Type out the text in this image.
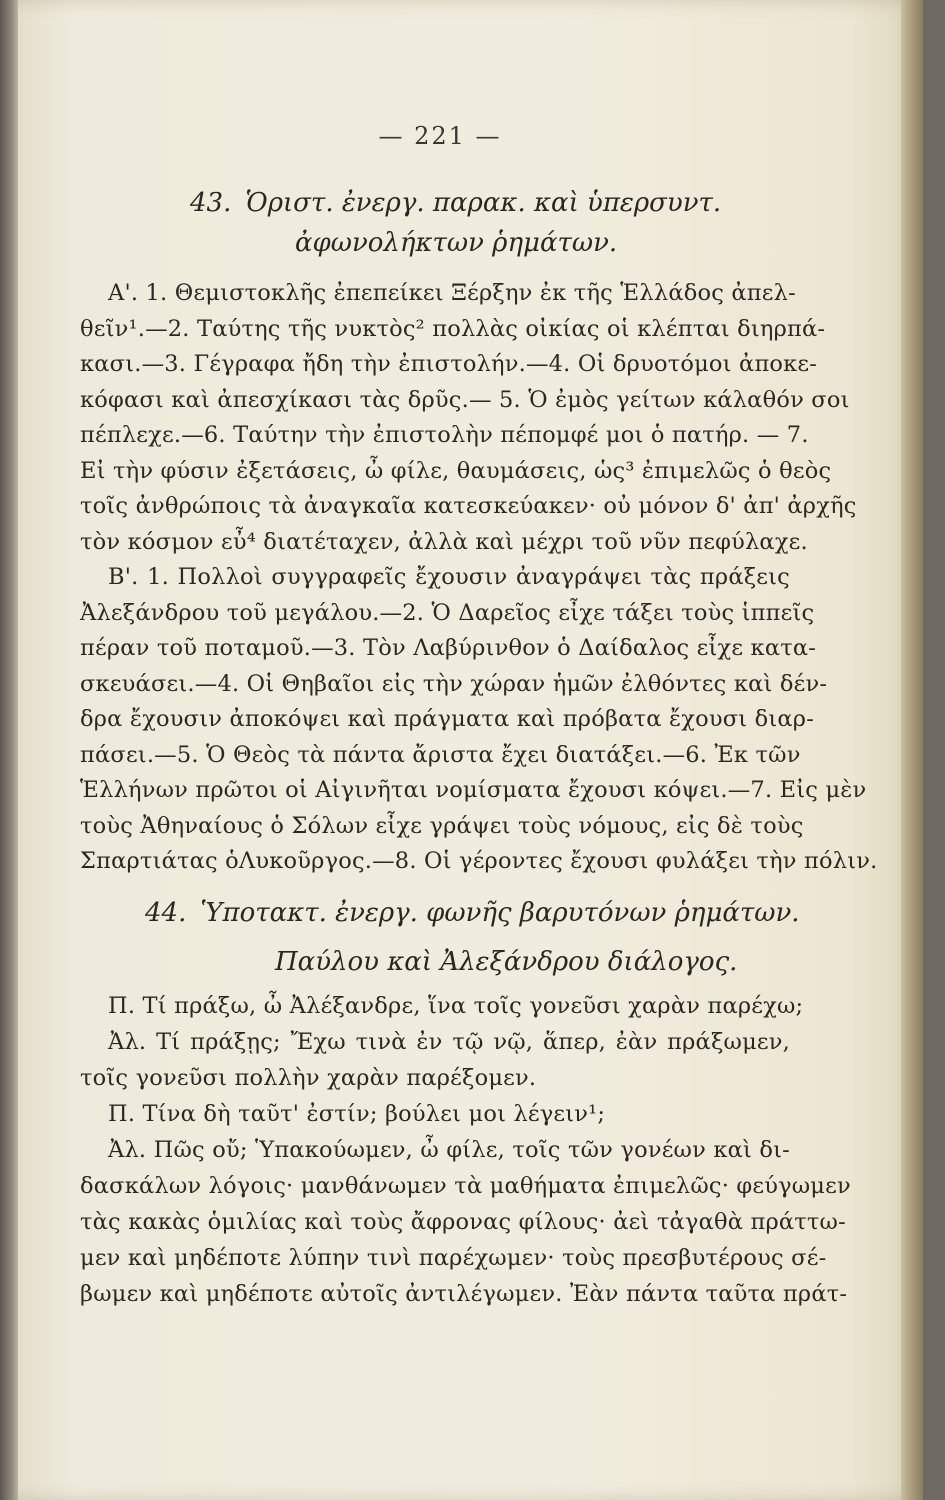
— 221 —
43. Ὁριστ. ἐνεργ. παρακ. καὶ ὑπερσυντ.
ἀφωνολήκτων ῥημάτων.
Α'. 1. Θεμιστοκλῆς ἐπεπείκει Ξέρξην ἐκ τῆς Ἑλλάδος ἀπελ-
θεῖν¹.—2. Ταύτης τῆς νυκτὸς² πολλὰς οἰκίας οἱ κλέπται διηρπά-
κασι.—3. Γέγραφα ἤδη τὴν ἐπιστολήν.—4. Οἱ δρυοτόμοι ἀποκε-
κόφασι καὶ ἀπεσχίκασι τὰς δρῦς.— 5. Ὁ ἐμὸς γείτων κάλαθόν σοι
πέπλεχε.—6. Ταύτην τὴν ἐπιστολὴν πέπομφέ μοι ὁ πατήρ. — 7.
Εἰ τὴν φύσιν ἐξετάσεις, ὦ φίλε, θαυμάσεις, ὡς³ ἐπιμελῶς ὁ θεὸς
τοῖς ἀνθρώποις τὰ ἀναγκαῖα κατεσκεύακεν· οὐ μόνον δ' ἀπ' ἀρχῆς
τὸν κόσμον εὖ⁴ διατέταχεν, ἀλλὰ καὶ μέχρι τοῦ νῦν πεφύλαχε.
Β'. 1. Πολλοὶ συγγραφεῖς ἔχουσιν ἀναγράψει τὰς πράξεις
Ἀλεξάνδρου τοῦ μεγάλου.—2. Ὁ Δαρεῖος εἶχε τάξει τοὺς ἱππεῖς
πέραν τοῦ ποταμοῦ.—3. Τὸν Λαβύρινθον ὁ Δαίδαλος εἶχε κατα-
σκευάσει.—4. Οἱ Θηβαῖοι εἰς τὴν χώραν ἡμῶν ἐλθόντες καὶ δέν-
δρα ἔχουσιν ἀποκόψει καὶ πράγματα καὶ πρόβατα ἔχουσι διαρ-
πάσει.—5. Ὁ Θεὸς τὰ πάντα ἄριστα ἔχει διατάξει.—6. Ἐκ τῶν
Ἑλλήνων πρῶτοι οἱ Αἰγινῆται νομίσματα ἔχουσι κόψει.—7. Εἰς μὲν
τοὺς Ἀθηναίους ὁ Σόλων εἶχε γράψει τοὺς νόμους, εἰς δὲ τοὺς
Σπαρτιάτας ὁΛυκοῦργος.—8. Οἱ γέροντες ἔχουσι φυλάξει τὴν πόλιν.
44. Ὑποτακτ. ἐνεργ. φωνῆς βαρυτόνων ῥημάτων.
Παύλου καὶ Ἀλεξάνδρου διάλογος.
Π. Τί πράξω, ὦ Ἀλέξανδρε, ἵνα τοῖς γονεῦσι χαρὰν παρέχω;
Ἀλ. Τί πράξῃς; Ἔχω τινὰ ἐν τῷ νῷ, ἅπερ, ἐὰν πράξωμεν,
τοῖς γονεῦσι πολλὴν χαρὰν παρέξομεν.
Π. Τίνα δὴ ταῦτ' ἐστίν; βούλει μοι λέγειν¹;
Ἀλ. Πῶς οὔ; Ὑπακούωμεν, ὦ φίλε, τοῖς τῶν γονέων καὶ δι-
δασκάλων λόγοις· μανθάνωμεν τὰ μαθήματα ἐπιμελῶς· φεύγωμεν
τὰς κακὰς ὁμιλίας καὶ τοὺς ἄφρονας φίλους· ἀεὶ τἀγαθὰ πράττω-
μεν καὶ μηδέποτε λύπην τινὶ παρέχωμεν· τοὺς πρεσβυτέρους σέ-
βωμεν καὶ μηδέποτε αὐτοῖς ἀντιλέγωμεν. Ἐὰν πάντα ταῦτα πράτ-
